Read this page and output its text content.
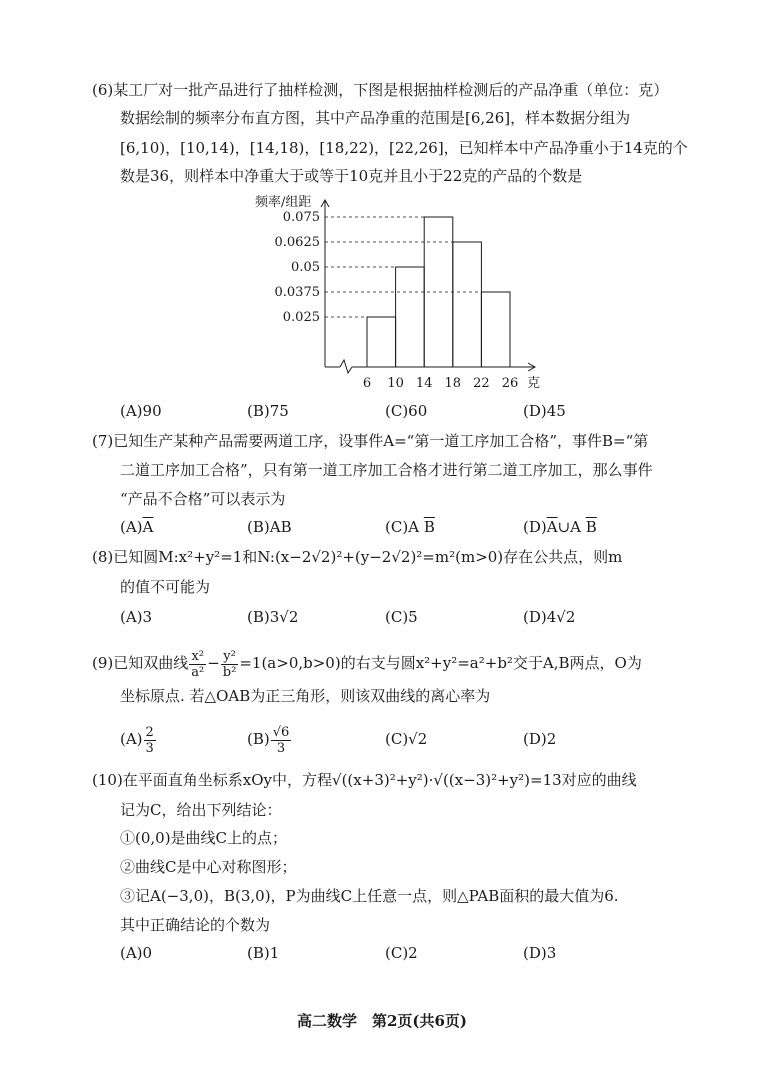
(6)某工厂对一批产品进行了抽样检测，下图是根据抽样检测后的产品净重（单位：克）
数据绘制的频率分布直方图，其中产品净重的范围是[6,26]，样本数据分组为
[6,10)，[10,14)，[14,18)，[18,22)，[22,26]，已知样本中产品净重小于14克的个
数是36，则样本中净重大于或等于10克并且小于22克的产品的个数是
频率/组距
克
0.075
0.0625
0.05
0.0375
0.025
6 10 14 18 22 26
(A)90	(B)75	(C)60	(D)45
(7)已知生产某种产品需要两道工序，设事件A=“第一道工序加工合格”，事件B=“第
二道工序加工合格”，只有第一道工序加工合格才进行第二道工序加工，那么事件
“产品不合格”可以表示为
$(A)\overline{A}$	(B)AB	(C)A $\overline{B}$	$(D)\overline{A}\cup A$ $\overline{B}$
(8)已知圆M:x²+y²=1和N:(x−2√2)²+(y−2√2)²=m²(m>0)存在公共点，则m
的值不可能为
(A)3	(B)3√2	(C)5	(D)4√2
(9)已知双曲线 $\frac{\text{x²}}{\text{a²}} - \frac{\text{y²}}{\text{b²}} =1(a>0,b>0)$的右支与圆x²+y²=a²+b²交于A,B两点，O为
坐标原点. 若△OAB为正三角形，则该双曲线的离心率为
$(A) \frac{2}{3}$	$(B) \frac{√6}{3}$	(C)√2	(D)2
(10)在平面直角坐标系xOy中，方程√((x+3)²+y²)·√((x−3)²+y²)=13对应的曲线
记为C，给出下列结论：
①(0,0)是曲线C上的点；
②曲线C是中心对称图形；
③记A(−3,0)，B(3,0)，P为曲线C上任意一点，则△PAB面积的最大值为6.
其中正确结论的个数为
(A)0	(B)1	(C)2	(D)3
高二数学　第2页(共6页)
